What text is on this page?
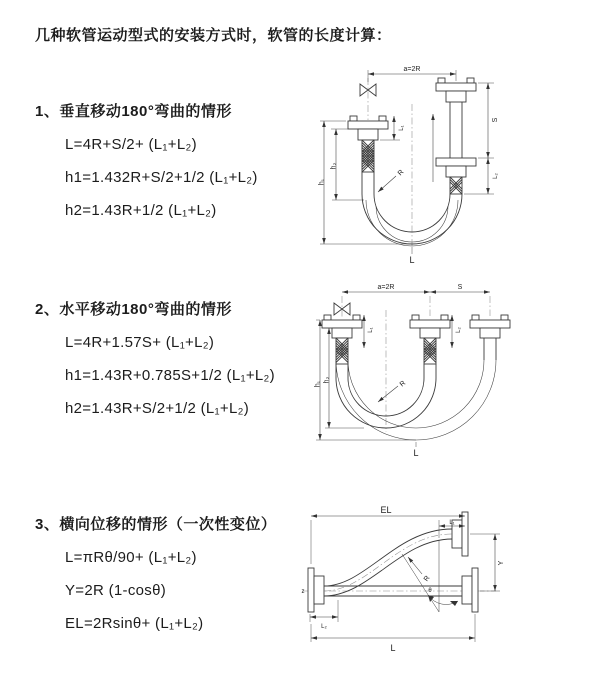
几种软管运动型式的安装方式时，软管的长度计算：
1、垂直移动180°弯曲的情形
L=4R+S/2+ (L₁+L₂)
h1=1.432R+S/2+1/2 (L₁+L₂)
h2=1.43R+1/2 (L₁+L₂)
2、水平移动180°弯曲的情形
L=4R+1.57S+ (L₁+L₂)
h1=1.43R+0.785S+1/2 (L₁+L₂)
h2=1.43R+S/2+1/2 (L₁+L₂)
3、横向位移的情形（一次性变位）
L=πRθ/90+ (L₁+L₂)
Y=2R (1-cosθ)
EL=2Rsinθ+ (L₁+L₂)
a=2R
h₁
h₂
S
L₂
L₁
R
L
a=2R	S
h₁
h₂
L₁	L₂
R
L
θ
EL
L₁
Y
R
L₂
L
z
